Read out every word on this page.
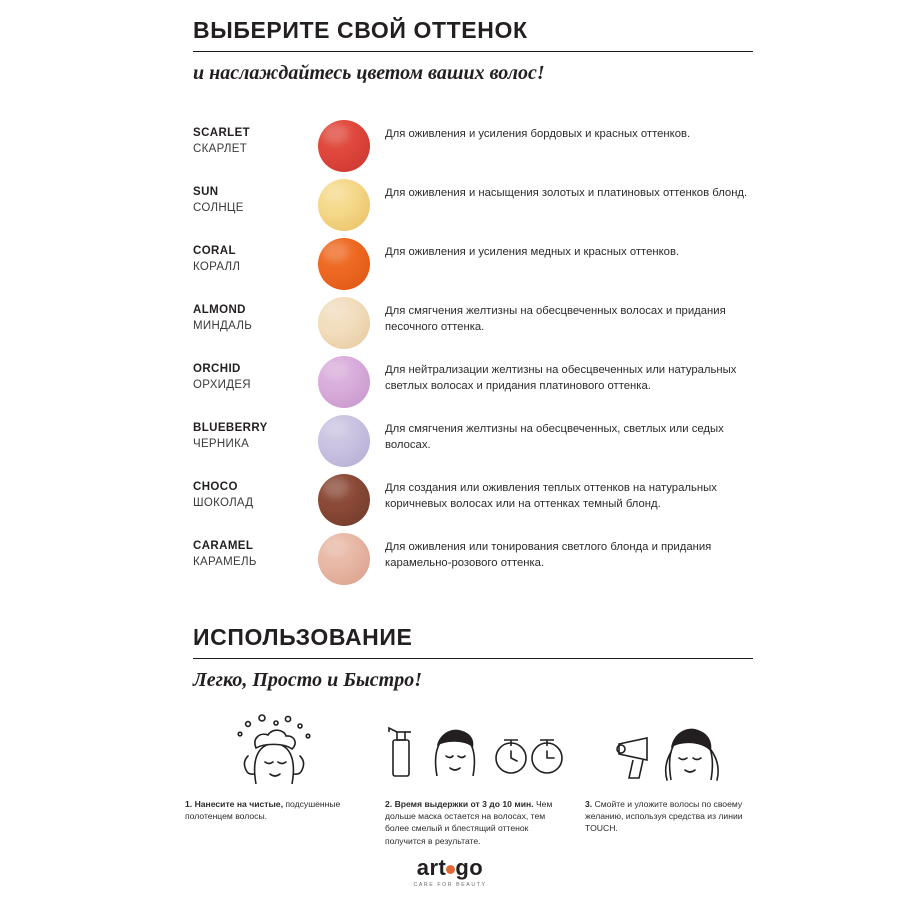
ВЫБЕРИТЕ СВОЙ ОТТЕНОК
и наслаждайтесь цветом ваших волос!
SCARLET
СКАРЛЕТ
Для оживления и усиления бордовых и красных оттенков.
SUN
СОЛНЦЕ
Для оживления и насыщения золотых и платиновых оттенков блонд.
CORAL
КОРАЛЛ
Для оживления и усиления медных и красных оттенков.
ALMOND
МИНДАЛЬ
Для смягчения желтизны на обесцвеченных волосах и придания песочного оттенка.
ORCHID
ОРХИДЕЯ
Для нейтрализации желтизны на обесцвеченных или натуральных светлых волосах и придания платинового оттенка.
BLUEBERRY
ЧЕРНИКА
Для смягчения желтизны на обесцвеченных, светлых или седых волосах.
CHOCO
ШОКОЛАД
Для создания или оживления теплых оттенков на натуральных коричневых волосах или на оттенках темный блонд.
CARAMEL
КАРАМЕЛЬ
Для оживления или тонирования светлого блонда и придания карамельно-розового оттенка.
ИСПОЛЬЗОВАНИЕ
Легко, Просто и Быстро!
1. Нанесите на чистые, подсушенные полотенцем волосы.
2. Время выдержки от 3 до 10 мин. Чем дольше маска остается на волосах, тем более смелый и блестящий оттенок получится в результате.
3. Смойте и уложите волосы по своему желанию, используя средства из линии TOUCH.
art go
CARE FOR BEAUTY
